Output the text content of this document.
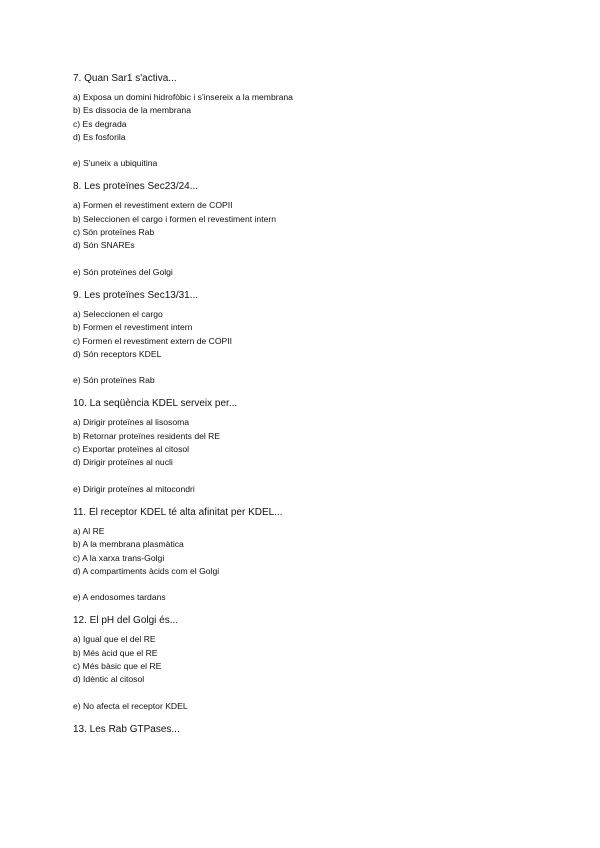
7. Quan Sar1 s'activa...
a) Exposa un domini hidrofòbic i s'insereix a la membrana
b) Es dissocia de la membrana
c) Es degrada
d) Es fosforila
e) S'uneix a ubiquitina
8. Les proteïnes Sec23/24...
a) Formen el revestiment extern de COPII
b) Seleccionen el cargo i formen el revestiment intern
c) Són proteïnes Rab
d) Són SNAREs
e) Són proteïnes del Golgi
9. Les proteïnes Sec13/31...
a) Seleccionen el cargo
b) Formen el revestiment intern
c) Formen el revestiment extern de COPII
d) Són receptors KDEL
e) Són proteïnes Rab
10. La seqüència KDEL serveix per...
a) Dirigir proteïnes al lisosoma
b) Retornar proteïnes residents del RE
c) Exportar proteïnes al citosol
d) Dirigir proteïnes al nucli
e) Dirigir proteïnes al mitocondri
11. El receptor KDEL té alta afinitat per KDEL...
a) Al RE
b) A la membrana plasmàtica
c) A la xarxa trans-Golgi
d) A compartiments àcids com el Golgi
e) A endosomes tardans
12. El pH del Golgi és...
a) Igual que el del RE
b) Més àcid que el RE
c) Més bàsic que el RE
d) Idèntic al citosol
e) No afecta el receptor KDEL
13. Les Rab GTPases...
